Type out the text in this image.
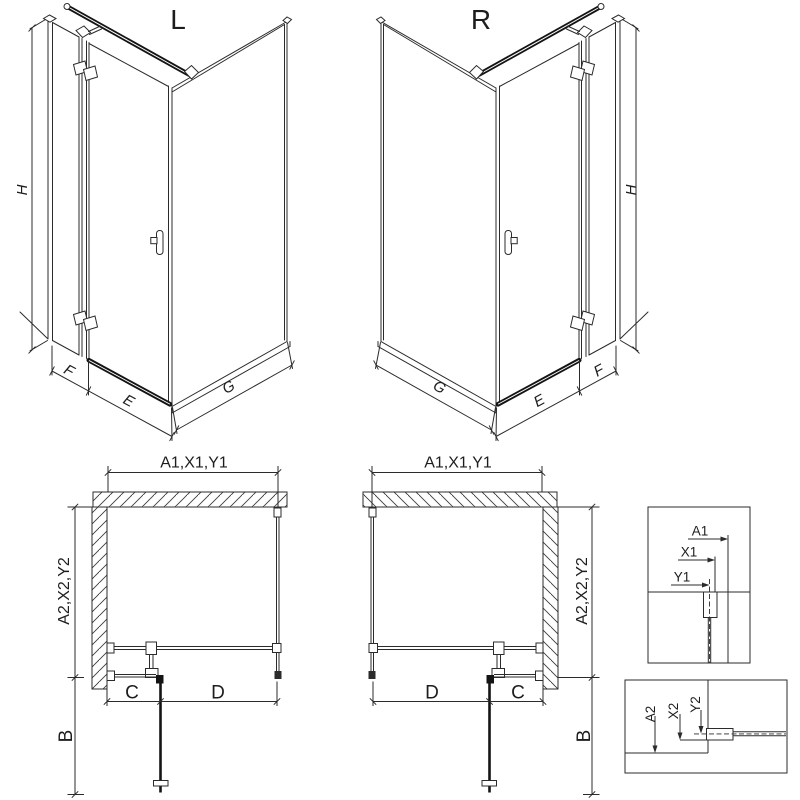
L
H
F
E
G
R
H
F
E
G
A1,X1,Y1
A2,X2,Y2
B
C	D
A1,X1,Y1
A2,X2,Y2
B
D	C
A1
X1
Y1
A2 X2 Y2
